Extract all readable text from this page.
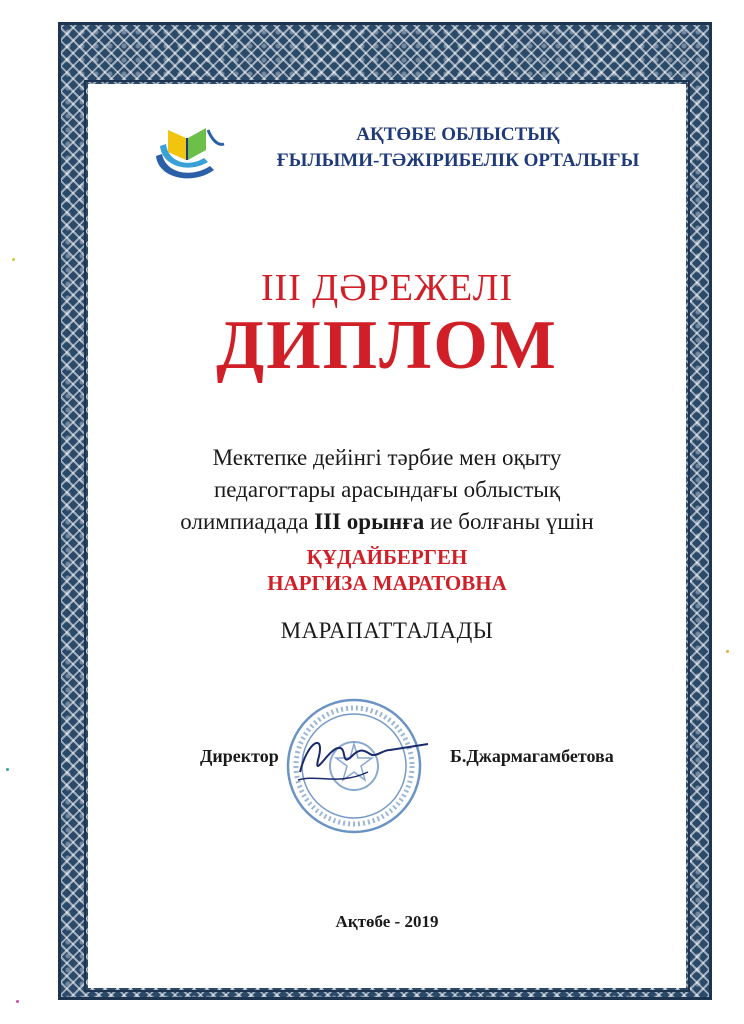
АҚТӨБЕ ОБЛЫСТЫҚ
ҒЫЛЫМИ-ТӘЖІРИБЕЛІК ОРТАЛЫҒЫ
III ДӘРЕЖЕЛІ
ДИПЛОМ
Мектепке дейінгі тәрбие мен оқыту
педагогтары арасындағы облыстық
олимпиадада III орынға ие болғаны үшін
ҚҰДАЙБЕРГЕН
НАРГИЗА МАРАТОВНА
МАРАПАТТАЛАДЫ
Директор	Б.Джармагамбетова
Ақтөбе - 2019
